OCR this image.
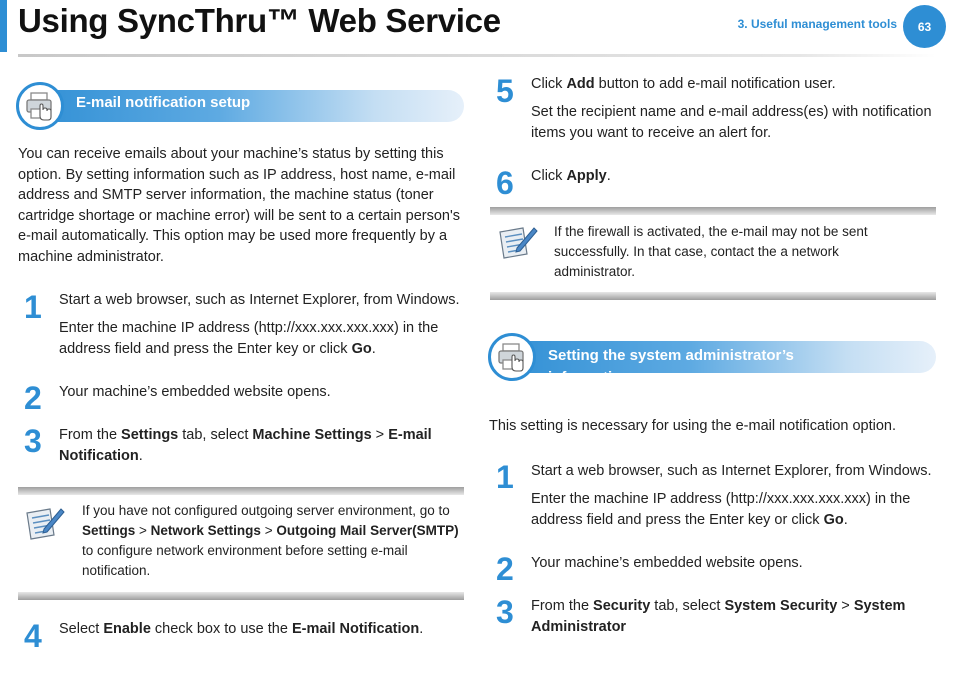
Using SyncThru™ Web Service	3. Useful management tools	63
E-mail notification setup
You can receive emails about your machine’s status by setting this option. By setting information such as IP address, host name, e-mail address and SMTP server information, the machine status (toner cartridge shortage or machine error) will be sent to a certain person's e-mail automatically. This option may be used more frequently by a machine administrator.
1 Start a web browser, such as Internet Explorer, from Windows.
Enter the machine IP address (http://xxx.xxx.xxx.xxx) in the address field and press the Enter key or click Go.
2 Your machine’s embedded website opens.
3 From the Settings tab, select Machine Settings > E-mail Notification.
If you have not configured outgoing server environment, go to Settings > Network Settings > Outgoing Mail Server(SMTP) to configure network environment before setting e-mail notification.
4 Select Enable check box to use the E-mail Notification.
5 Click Add button to add e-mail notification user.
Set the recipient name and e-mail address(es) with notification items you want to receive an alert for.
6 Click Apply.
If the firewall is activated, the e-mail may not be sent successfully. In that case, contact the a network administrator.
Setting the system administrator’s information
This setting is necessary for using the e-mail notification option.
1 Start a web browser, such as Internet Explorer, from Windows.
Enter the machine IP address (http://xxx.xxx.xxx.xxx) in the address field and press the Enter key or click Go.
2 Your machine’s embedded website opens.
3 From the Security tab, select System Security > System Administrator
